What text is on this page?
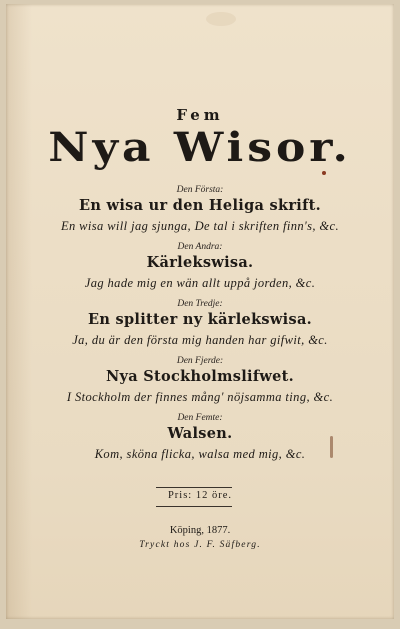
Fem
Nya Wisor.
Den Första:
En wisa ur den Heliga skrift.
En wisa will jag sjunga, De tal i skriften finn's, &c.
Den Andra:
Kärlekswisa.
Jag hade mig en wän allt uppå jorden, &c.
Den Tredje:
En splitter ny kärlekswisa.
Ja, du är den första mig handen har gifwit, &c.
Den Fjerde:
Nya Stockholmslifwet.
I Stockholm der finnes mång' nöjsamma ting, &c.
Den Femte:
Walsen.
Kom, sköna flicka, walsa med mig, &c.
Pris: 12 öre.
Köping, 1877.
Tryckt hos J. F. Säfberg.
